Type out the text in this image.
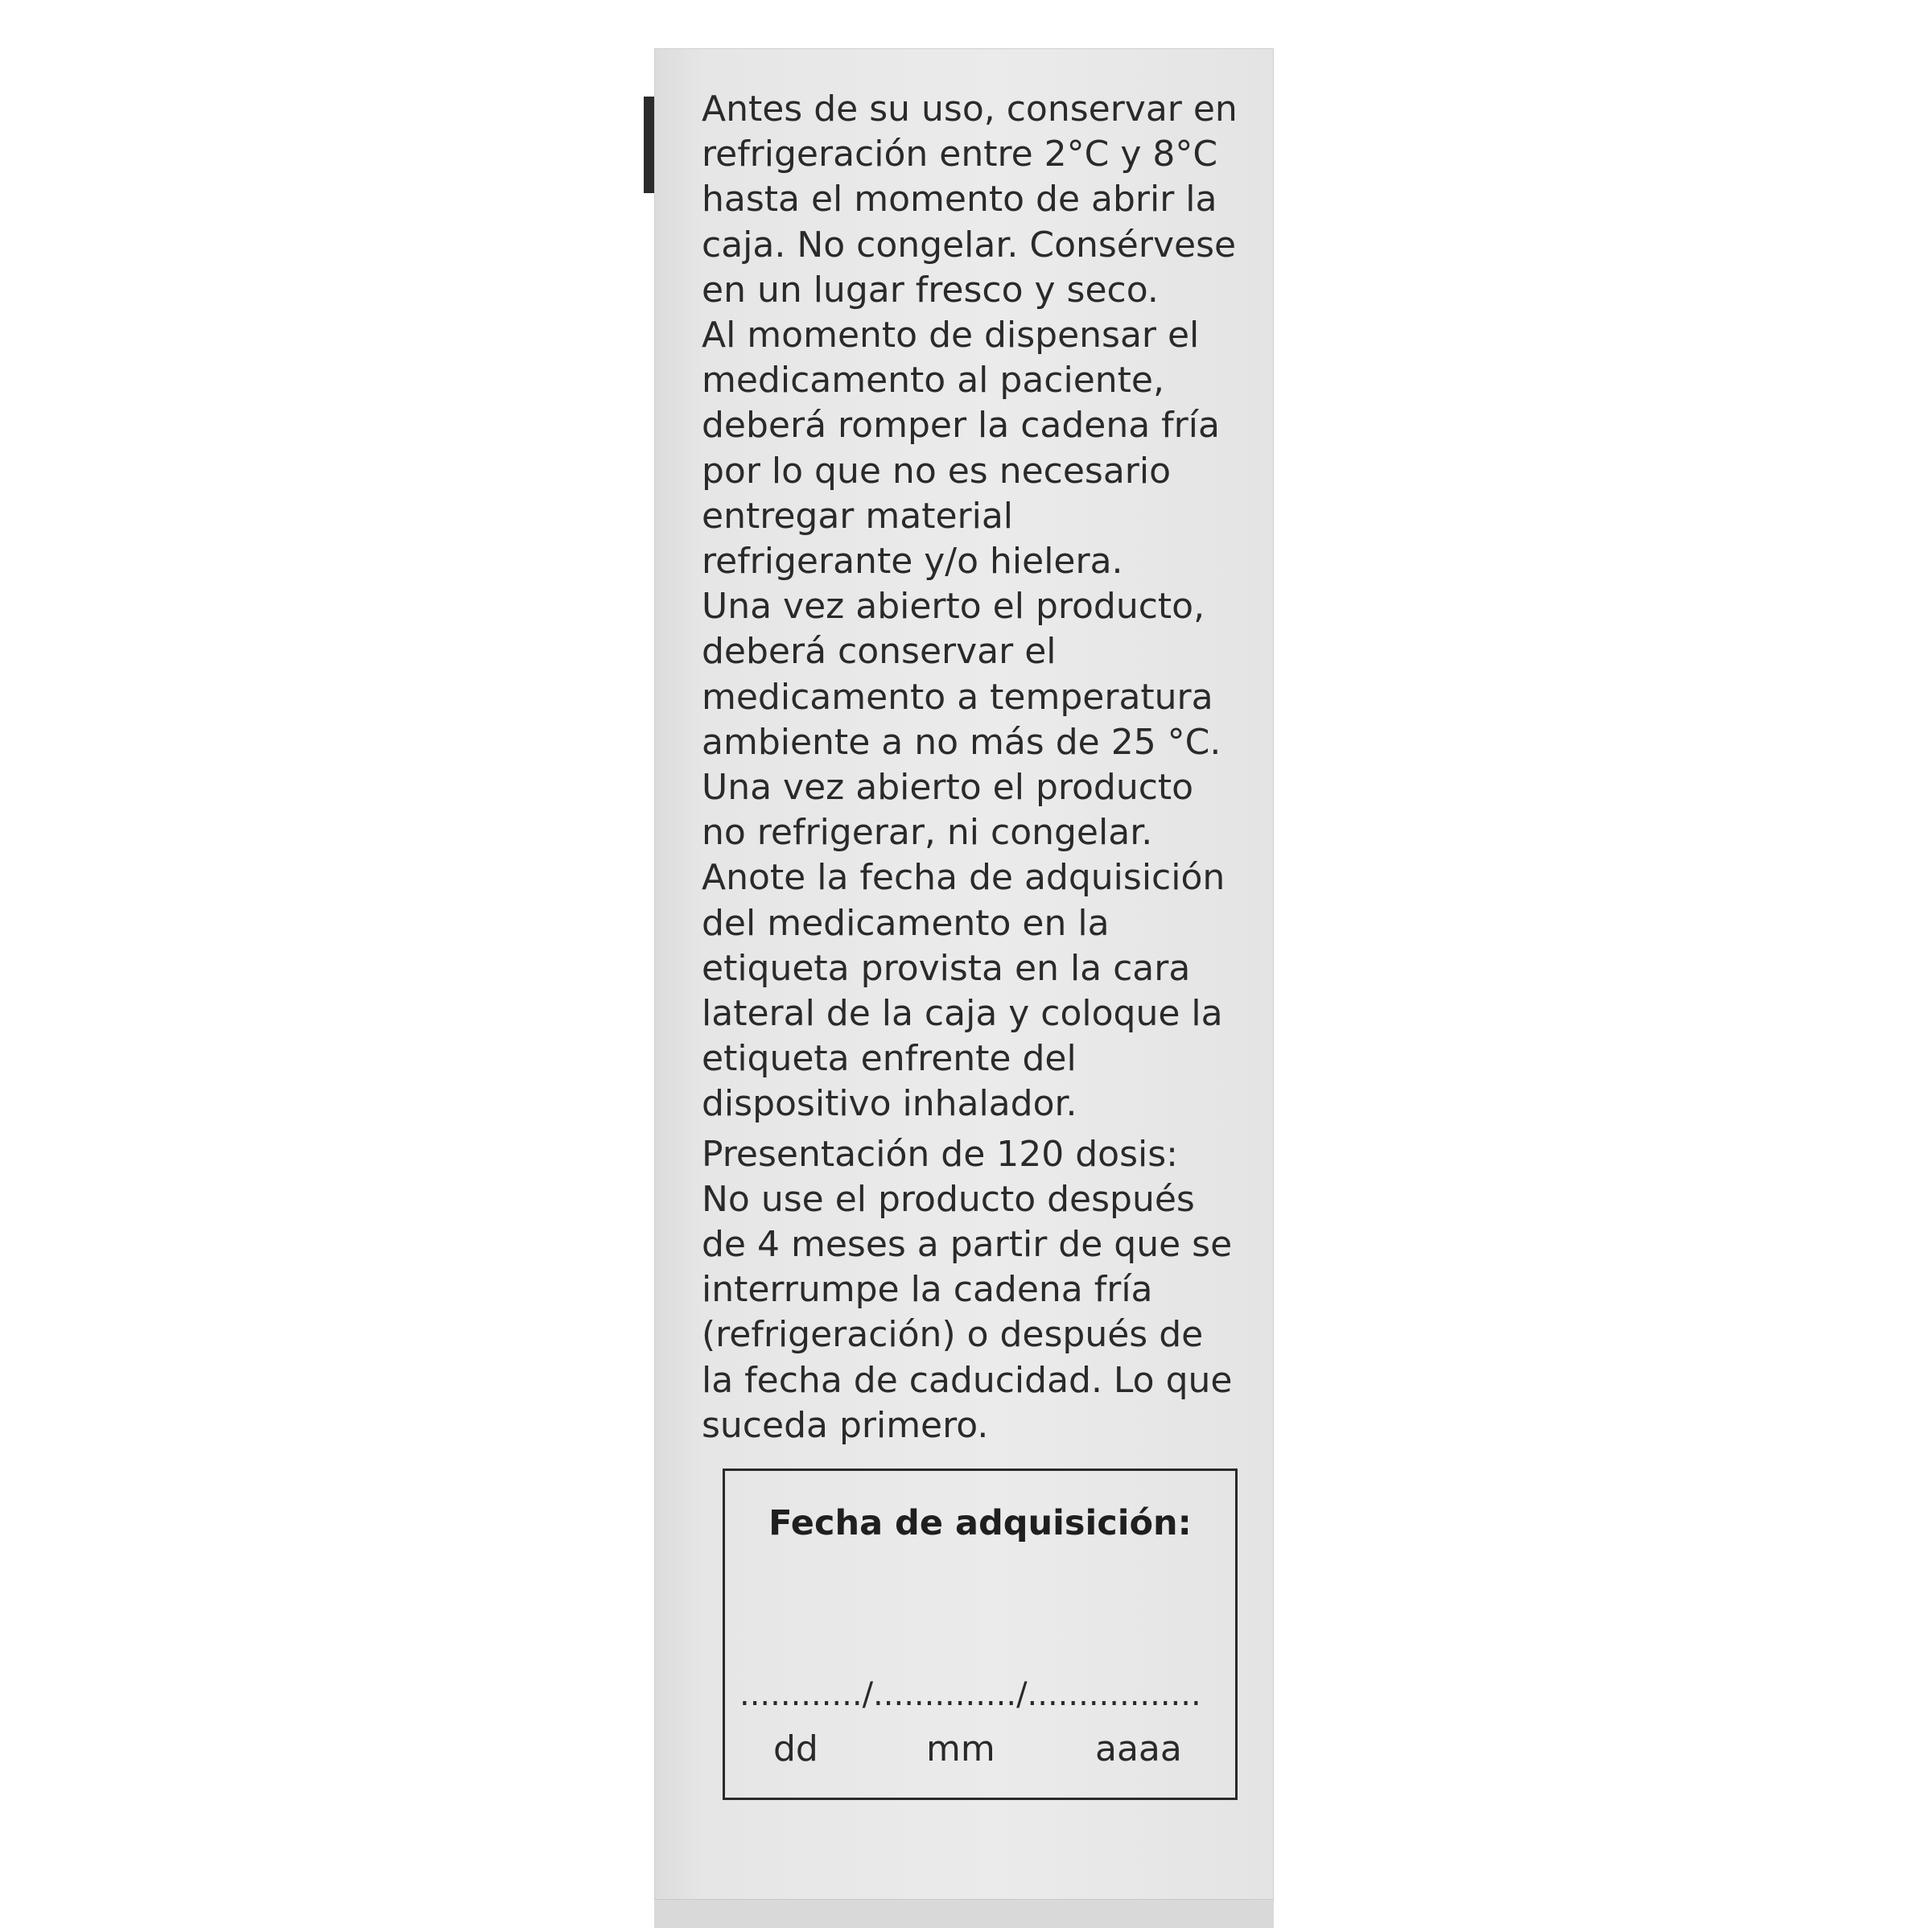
Antes de su uso, conservar en
refrigeración entre 2°C y 8°C
hasta el momento de abrir la
caja. No congelar. Consérvese
en un lugar fresco y seco.

Al momento de dispensar el
medicamento al paciente,
deberá romper la cadena fría
por lo que no es necesario
entregar material
refrigerante y/o hielera.

Una vez abierto el producto,
deberá conservar el
medicamento a temperatura
ambiente a no más de 25 °C.

Una vez abierto el producto
no refrigerar, ni congelar.

Anote la fecha de adquisición
del medicamento en la
etiqueta provista en la cara
lateral de la caja y coloque la
etiqueta enfrente del
dispositivo inhalador.

Presentación de 120 dosis:
No use el producto después
de 4 meses a partir de que se
interrumpe la cadena fría
(refrigeración) o después de
la fecha de caducidad. Lo que
suceda primero.

Fecha de adquisición:
............/............../.................
dd	mm	aaaa
